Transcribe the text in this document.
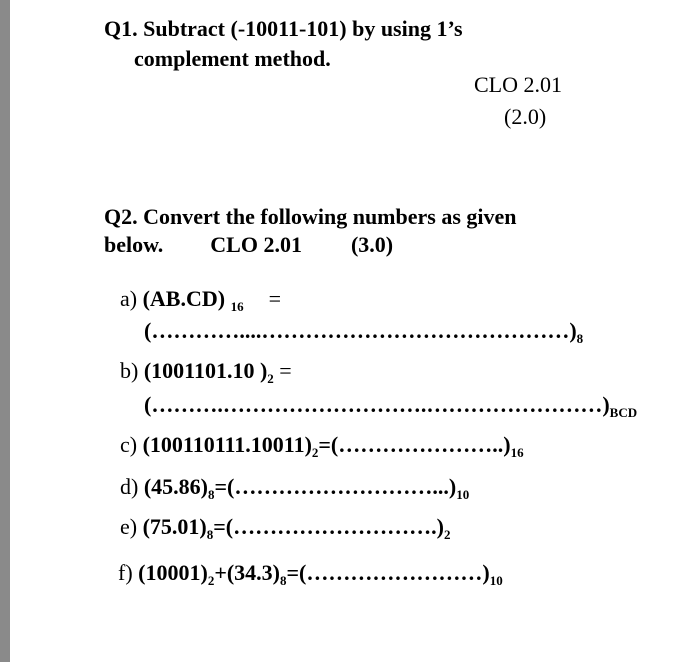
Q1. Subtract (-10011-101) by using 1’s
complement method.
CLO 2.01
(2.0)
Q2. Convert the following numbers as given
below. CLO 2.01 (3.0)
a) (AB.CD) $_{16}$ =
$(\dots\dots\dots\dots....\dots\dots\dots\dots\dots\dots\dots\dots\dots\dots\dots\dots\dots\dots)_8$
b) (1001101.10 )$_2$ =
$(\dots\dots\dots.\dots\dots\dots\dots\dots\dots\dots\dots\dots.\dots\dots\dots\dots\dots\dots\dots\dots)_{BCD}$
c) $(100110111.10011)_2=(\dots\dots\dots\dots\dots\dots\dots..)_{16}$
d) $(45.86)_8=(\dots\dots\dots\dots\dots\dots\dots\dots\dots...)_{10}$
e) $(75.01)_8=(\dots\dots\dots\dots\dots\dots\dots\dots\dots.)_2$
f) $(10001)_2+(34.3)_8=(\dots\dots\dots\dots\dots\dots\dots\dots)_{10}$
